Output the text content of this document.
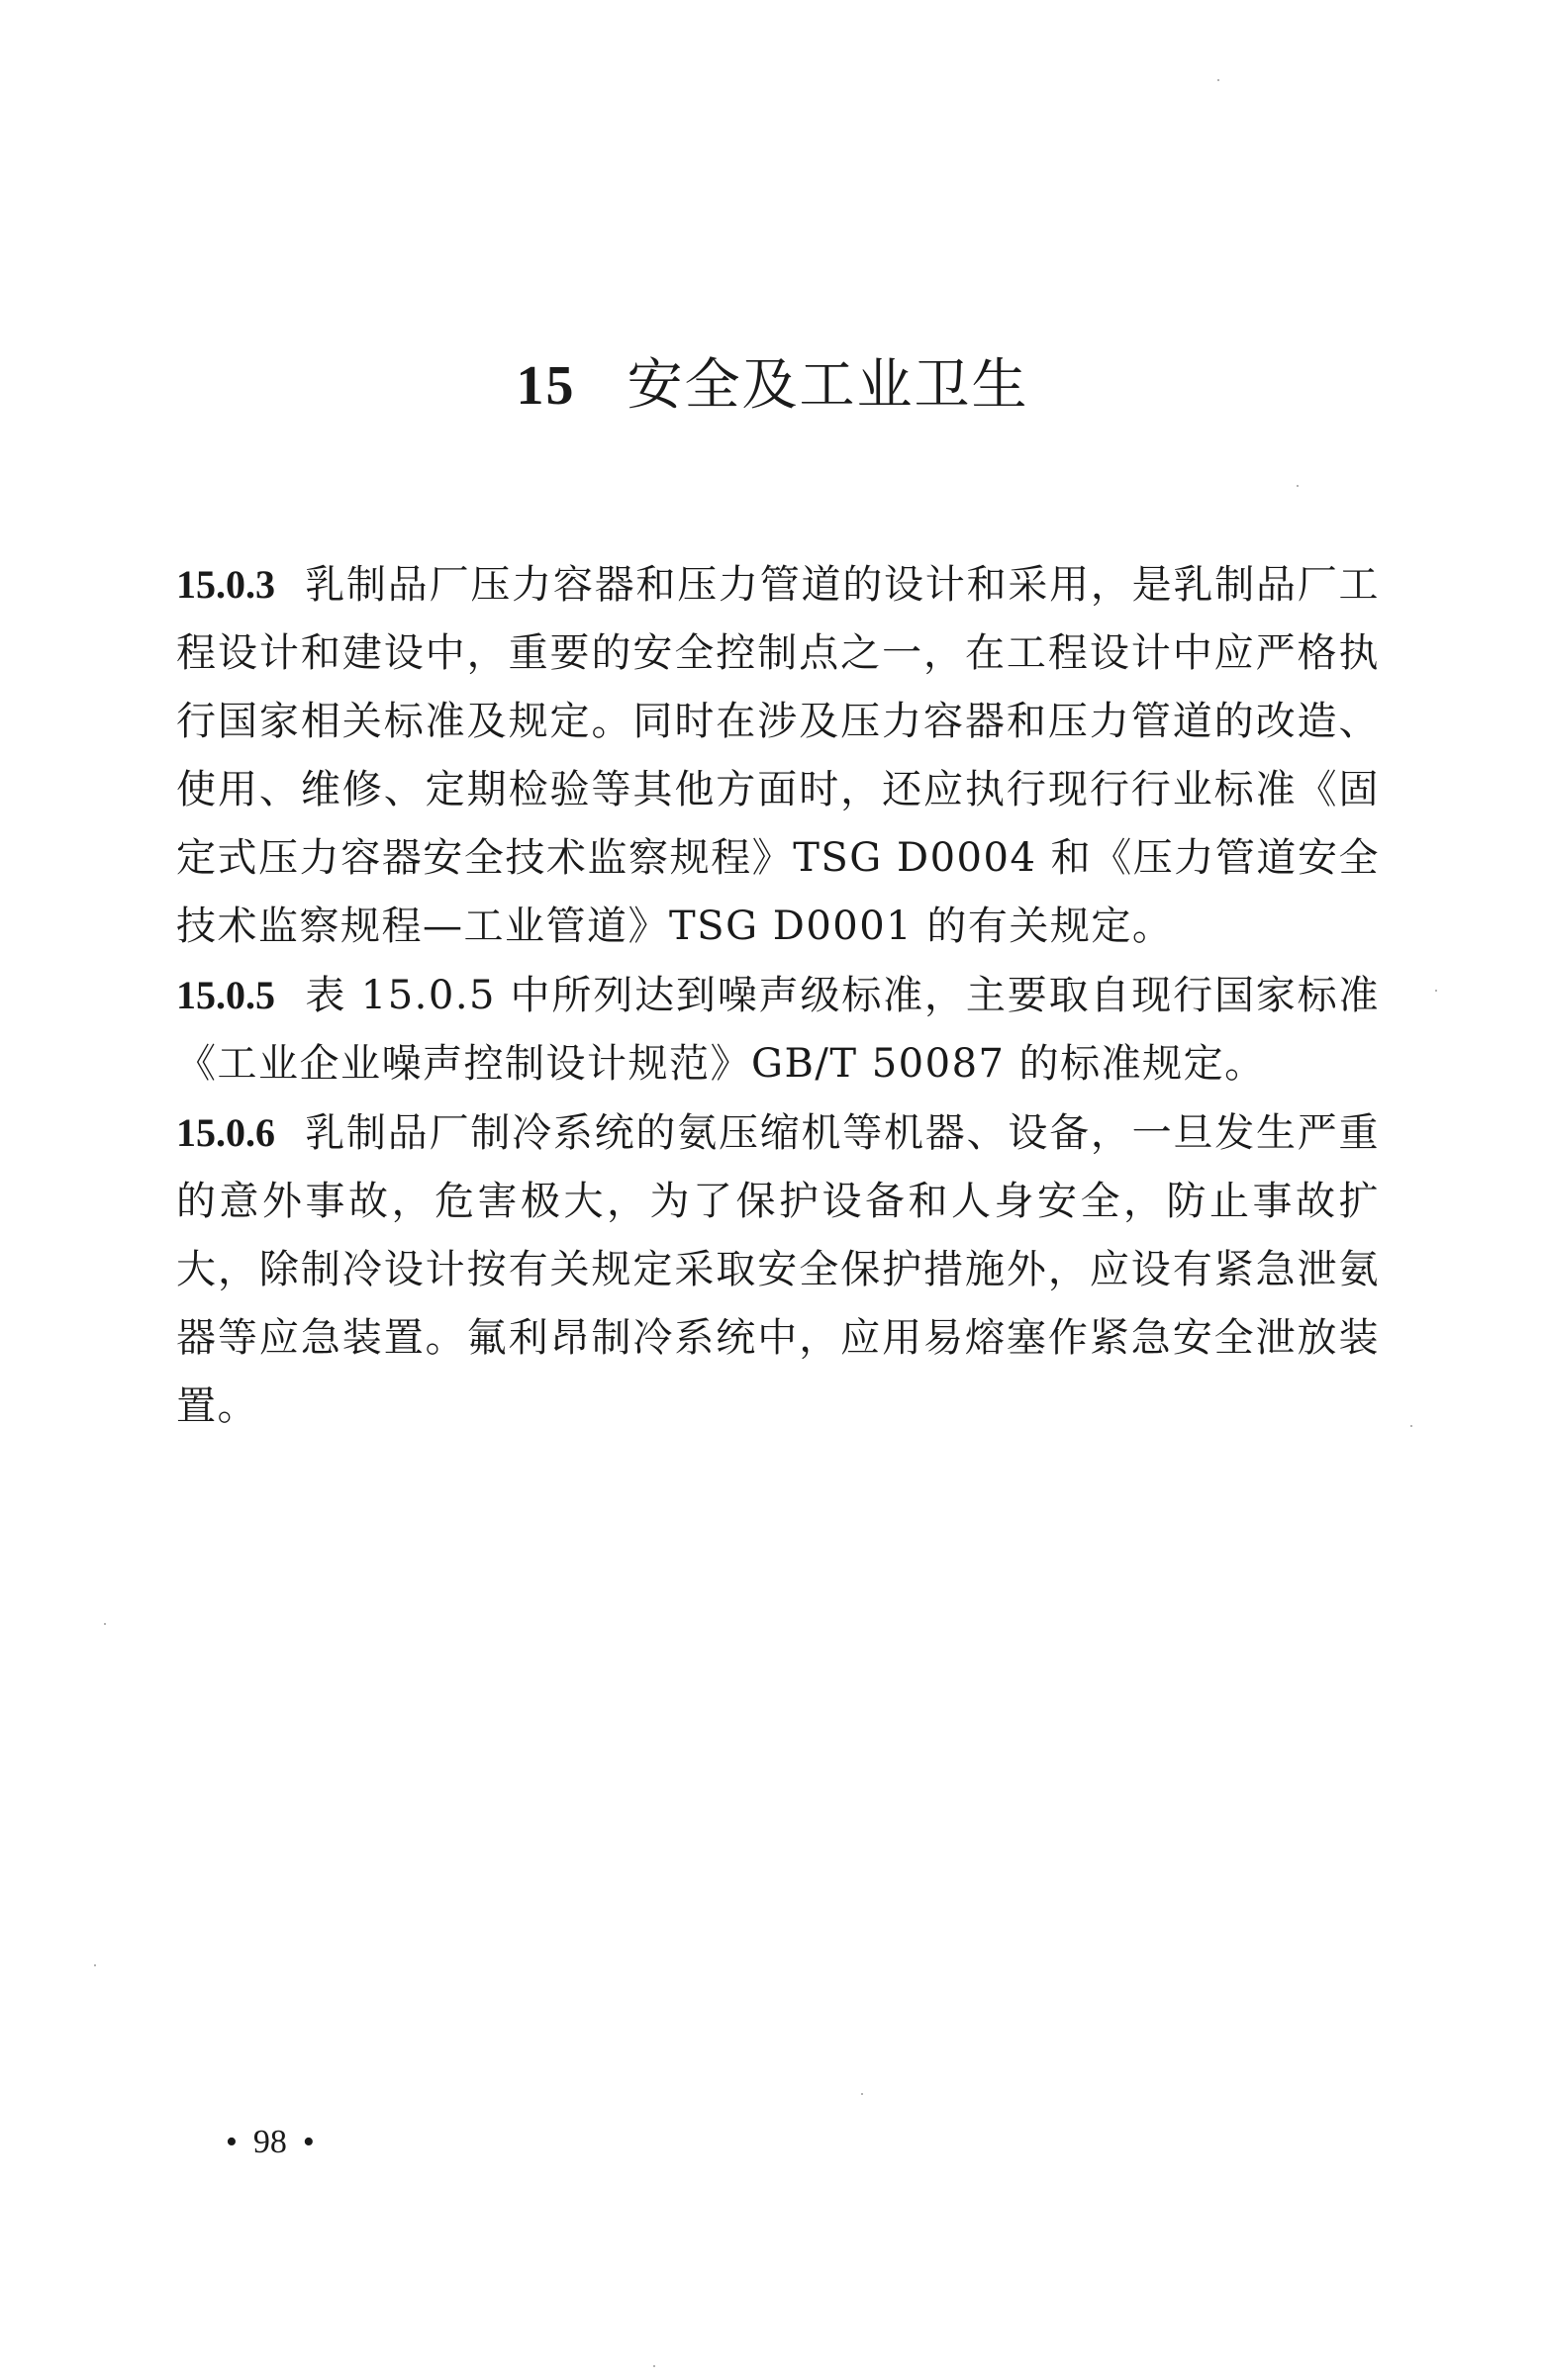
15 安全及工业卫生

15.0.3 乳制品厂压力容器和压力管道的设计和采用，是乳制品厂工程设计和建设中，重要的安全控制点之一，在工程设计中应严格执行国家相关标准及规定。同时在涉及压力容器和压力管道的改造、使用、维修、定期检验等其他方面时，还应执行现行行业标准《固定式压力容器安全技术监察规程》TSG D0004 和《压力管道安全技术监察规程—工业管道》TSG D0001 的有关规定。

15.0.5 表 15.0.5 中所列达到噪声级标准，主要取自现行国家标准《工业企业噪声控制设计规范》GB/T 50087 的标准规定。

15.0.6 乳制品厂制冷系统的氨压缩机等机器、设备，一旦发生严重的意外事故，危害极大，为了保护设备和人身安全，防止事故扩大，除制冷设计按有关规定采取安全保护措施外，应设有紧急泄氨器等应急装置。氟利昂制冷系统中，应用易熔塞作紧急安全泄放装置。

• 98 •
